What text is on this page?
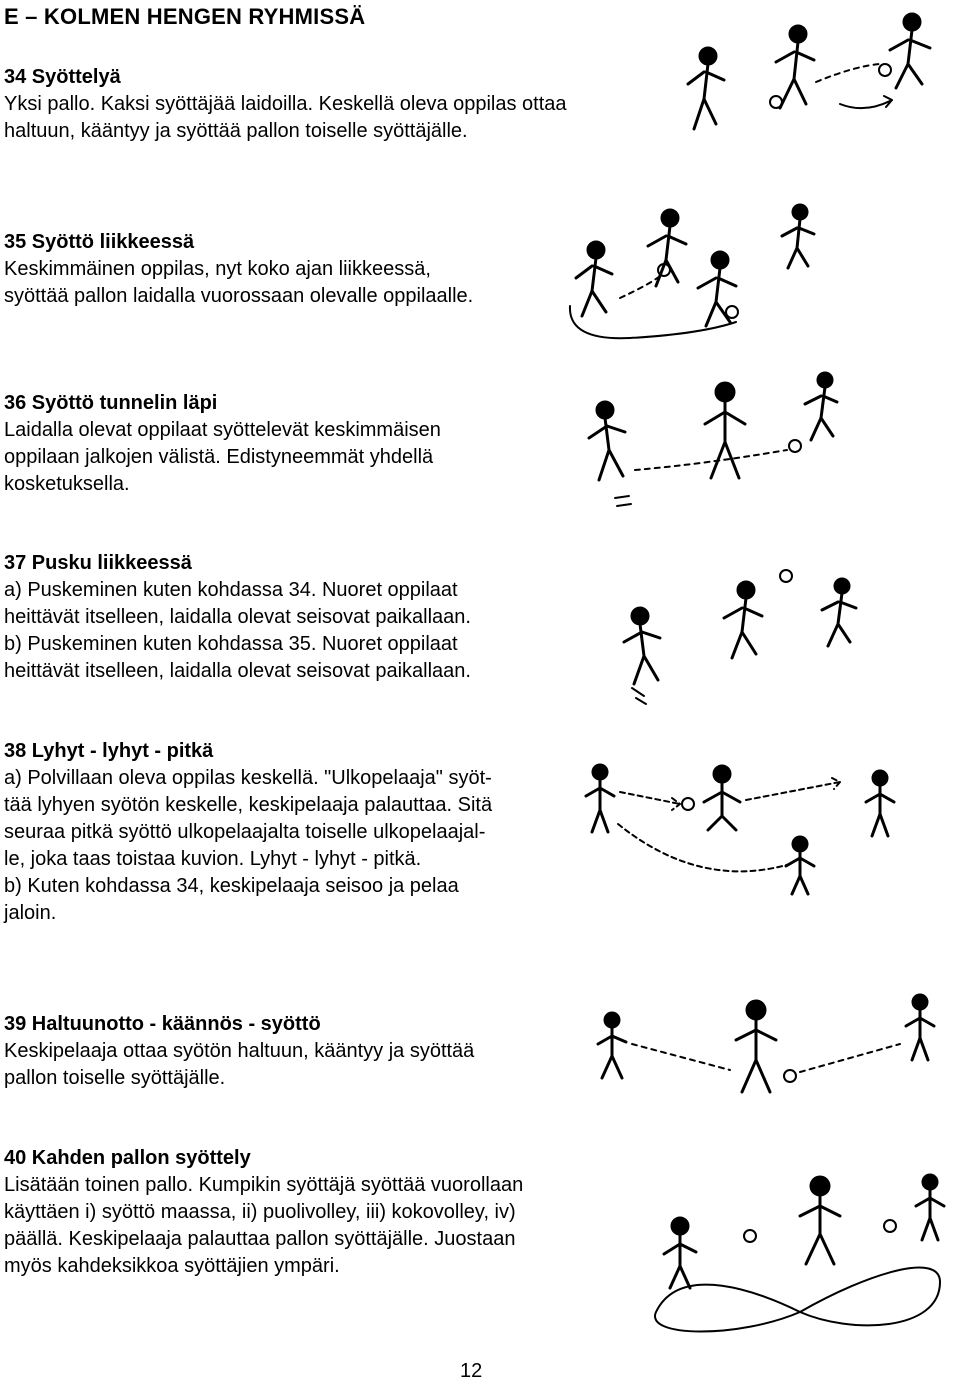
E – KOLMEN HENGEN RYHMISSÄ
34 Syöttelyä
Yksi pallo. Kaksi syöttäjää laidoilla. Keskellä oleva oppilas ottaa
haltuun, kääntyy ja syöttää pallon toiselle syöttäjälle.
35 Syöttö liikkeessä
Keskimmäinen oppilas, nyt koko ajan liikkeessä,
syöttää pallon laidalla vuorossaan olevalle oppilaalle.
36 Syöttö tunnelin läpi
Laidalla olevat oppilaat syöttelevät keskimmäisen
oppilaan jalkojen välistä. Edistyneemmät yhdellä
kosketuksella.
37 Pusku liikkeessä
a) Puskeminen kuten kohdassa 34. Nuoret oppilaat
heittävät itselleen, laidalla olevat seisovat paikallaan.
b) Puskeminen kuten kohdassa 35. Nuoret oppilaat
heittävät itselleen, laidalla olevat seisovat paikallaan.
38 Lyhyt - lyhyt - pitkä
a) Polvillaan oleva oppilas keskellä. "Ulkopelaaja" syöt-
tää lyhyen syötön keskelle, keskipelaaja palauttaa. Sitä
seuraa pitkä syöttö ulkopelaajalta toiselle ulkopelaajal-
le, joka taas toistaa kuvion. Lyhyt - lyhyt - pitkä.
b) Kuten kohdassa 34, keskipelaaja seisoo ja pelaa
jaloin.
39 Haltuunotto - käännös - syöttö
Keskipelaaja ottaa syötön haltuun, kääntyy ja syöttää
pallon toiselle syöttäjälle.
40 Kahden pallon syöttely
Lisätään toinen pallo. Kumpikin syöttäjä syöttää vuorollaan
käyttäen i) syöttö maassa, ii) puolivolley, iii) kokovolley, iv)
päällä. Keskipelaaja palauttaa pallon syöttäjälle. Juostaan
myös kahdeksikkoa syöttäjien ympäri.
12
